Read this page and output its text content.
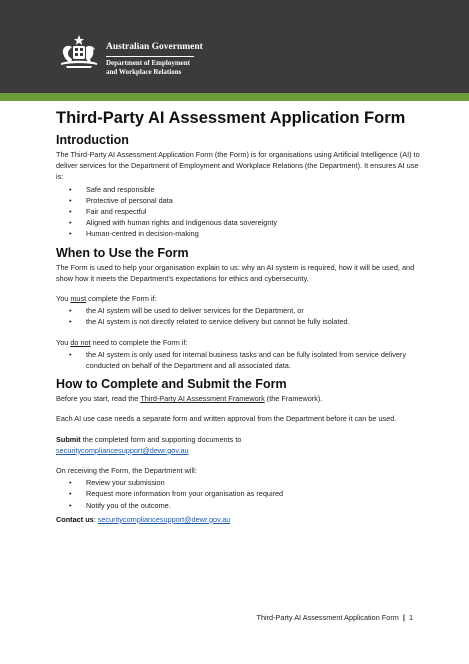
Australian Government
Department of Employment
and Workplace Relations
Third-Party AI Assessment Application Form
Introduction

The Third-Party AI Assessment Application Form (the Form) is for organisations using Artificial Intelligence (AI) to deliver services for the Department of Employment and Workplace Relations (the Department). It ensures AI use is:

• Safe and responsible
• Protective of personal data
• Fair and respectful
• Aligned with human rights and Indigenous data sovereignty
• Human-centred in decision-making
When to Use the Form

The Form is used to help your organisation explain to us: why an AI system is required, how it will be used, and show how it meets the Department’s expectations for ethics and cybersecurity.

You must complete the Form if:

• the AI system will be used to deliver services for the Department, or
• the AI system is not directly related to service delivery but cannot be fully isolated.

You do not need to complete the Form if:

• the AI system is only used for internal business tasks and can be fully isolated from service delivery conducted on behalf of the Department and all associated data.
How to Complete and Submit the Form

Before you start, read the Third-Party AI Assessment Framework (the Framework).

Each AI use case needs a separate form and written approval from the Department before it can be used.

Submit the completed form and supporting documents to
securitycompliancesupport@dewr.gov.au

On receiving the Form, the Department will:

• Review your submission
• Request more information from your organisation as required
• Notify you of the outcome.

Contact us: securitycompliancesupport@dewr.gov.au

Third-Party AI Assessment Application Form | 1
